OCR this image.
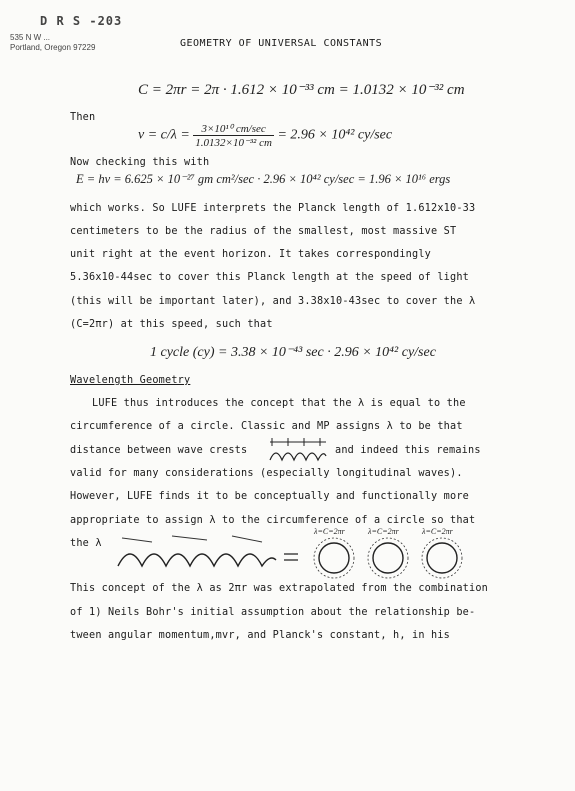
D R S -203
535 N W ...
Portland, Oregon 97229	GEOMETRY OF UNIVERSAL CONSTANTS
C = 2πr = 2π · 1.612 × 10⁻³³ cm = 1.0132 × 10⁻³² cm
Then
$\nu = c/\lambda = \frac{\text{3×10¹⁰ cm/sec}}{\text{1.0132×10⁻³² cm}} = 2.96 \times 10^{42}$ cy/sec
Now checking this with
E = hν = 6.625 × 10⁻²⁷ gm cm²/sec · 2.96 × 10⁴² cy/sec = 1.96 × 10¹⁶ ergs
which works. So LUFE interprets the Planck length of 1.612x10-33
centimeters to be the radius of the smallest, most massive ST
unit right at the event horizon. It takes correspondingly
5.36x10-44sec to cover this Planck length at the speed of light
(this will be important later), and 3.38x10-43sec to cover the λ
(C=2πr) at this speed, such that
1 cycle (cy) = 3.38 × 10⁻⁴³ sec · 2.96 × 10⁴² cy/sec
Wavelength Geometry
LUFE thus introduces the concept that the λ is equal to the
circumference of a circle. Classic and MP assigns λ to be that
distance between wave crests	and indeed this remains
valid for many considerations (especially longitudinal waves).
However, LUFE finds it to be conceptually and functionally more
appropriate to assign λ to the circumference of a circle so that
the λ
λ=C=2πr	λ=C=2πr	λ=C=2πr
This concept of the λ as 2πr was extrapolated from the combination
of 1) Neils Bohr's initial assumption about the relationship be-
tween angular momentum,mvr, and Planck's constant, h, in his
